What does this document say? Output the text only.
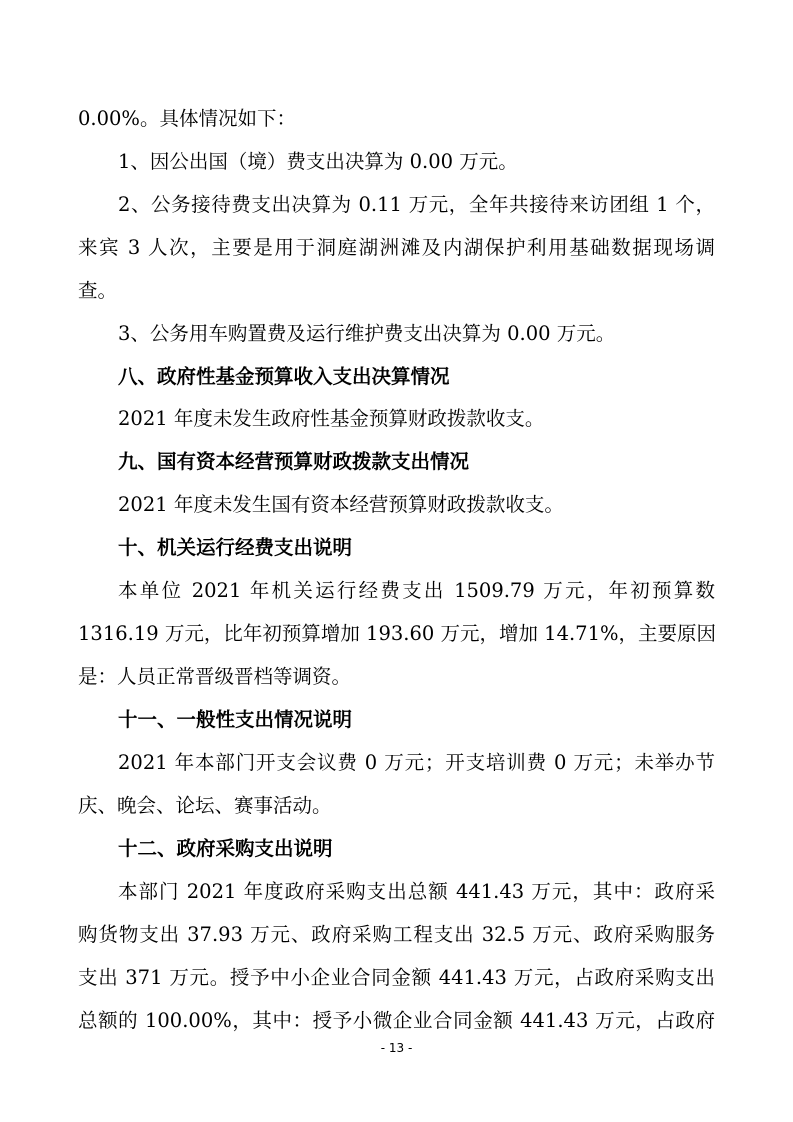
0.00%。具体情况如下：

1、因公出国（境）费支出决算为 0.00 万元。

2、公务接待费支出决算为 0.11 万元，全年共接待来访团组 1 个，

来宾 3 人次，主要是用于洞庭湖洲滩及内湖保护利用基础数据现场调

查。

3、公务用车购置费及运行维护费支出决算为 0.00 万元。

八、政府性基金预算收入支出决算情况

2021 年度未发生政府性基金预算财政拨款收支。

九、国有资本经营预算财政拨款支出情况

2021 年度未发生国有资本经营预算财政拨款收支。

十、机关运行经费支出说明

本单位 2021 年机关运行经费支出 1509.79 万元，年初预算数

1316.19 万元，比年初预算增加 193.60 万元，增加 14.71%，主要原因

是：人员正常晋级晋档等调资。

十一、一般性支出情况说明

2021 年本部门开支会议费 0 万元；开支培训费 0 万元；未举办节

庆、晚会、论坛、赛事活动。

十二、政府采购支出说明

本部门 2021 年度政府采购支出总额 441.43 万元，其中：政府采

购货物支出 37.93 万元、政府采购工程支出 32.5 万元、政府采购服务

支出 371 万元。授予中小企业合同金额 441.43 万元，占政府采购支出

总额的 100.00%，其中：授予小微企业合同金额 441.43 万元，占政府

- 13 -
